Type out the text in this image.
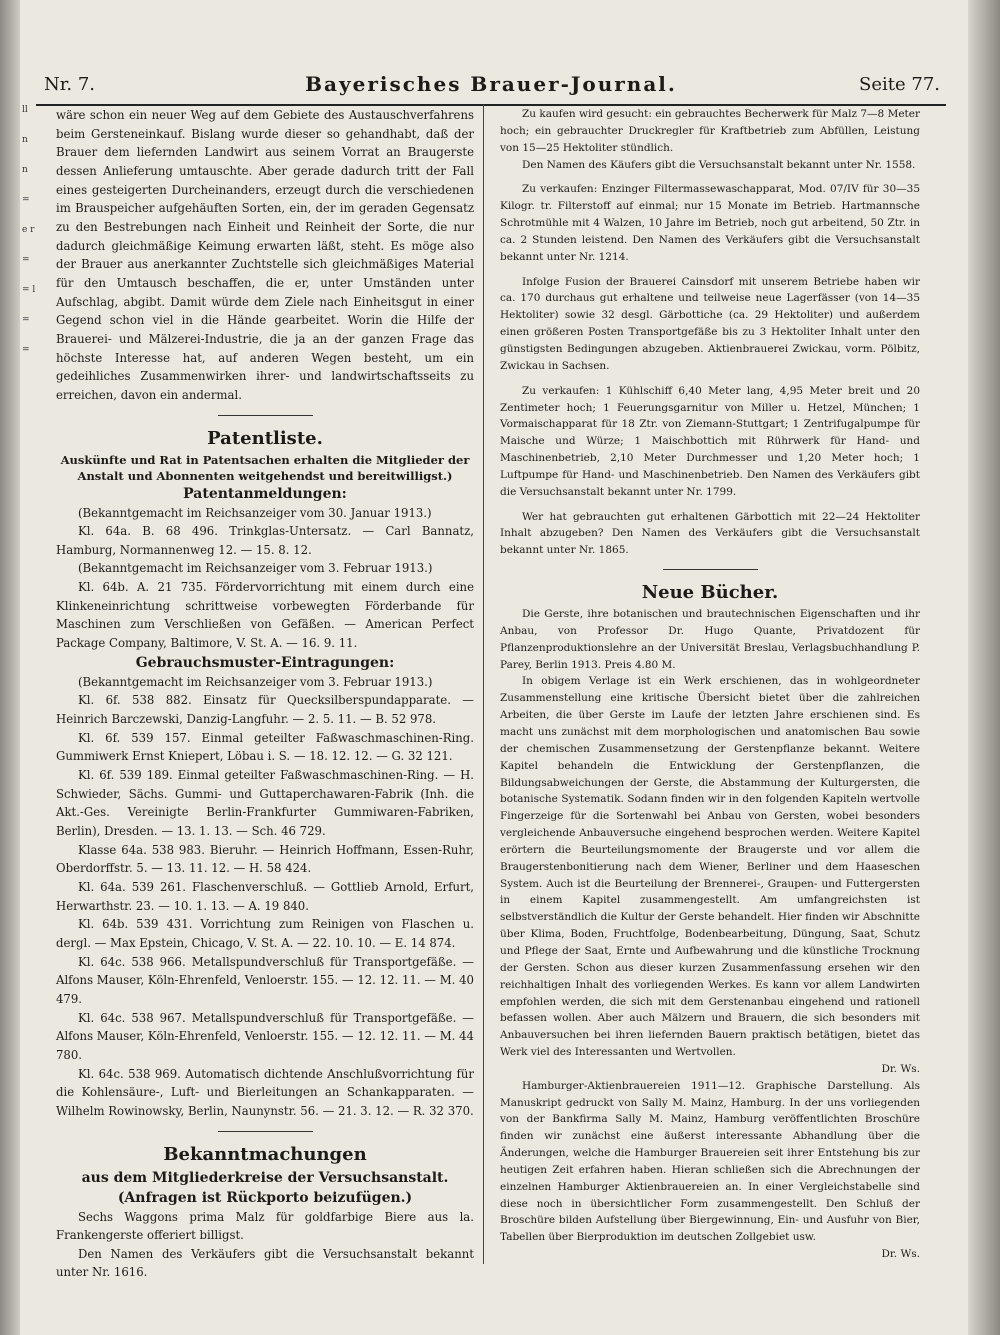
ll n n = e r = = l = =
Nr. 7.	Bayerisches Brauer-Journal.	Seite 77.

wäre schon ein neuer Weg auf dem Gebiete des Austauschverfahrens beim Gersteneinkauf. Bislang wurde dieser so gehandhabt, daß der Brauer dem liefernden Landwirt aus seinem Vorrat an Braugerste dessen Anlieferung umtauschte. Aber gerade dadurch tritt der Fall eines gesteigerten Durcheinanders, erzeugt durch die verschiedenen im Brauspeicher aufgehäuften Sorten, ein, der im geraden Gegensatz zu den Bestrebungen nach Einheit und Reinheit der Sorte, die nur dadurch gleichmäßige Keimung erwarten läßt, steht. Es möge also der Brauer aus anerkannter Zuchtstelle sich gleichmäßiges Material für den Umtausch beschaffen, die er, unter Umständen unter Aufschlag, abgibt. Damit würde dem Ziele nach Einheitsgut in einer Gegend schon viel in die Hände gearbeitet. Worin die Hilfe der Brauerei- und Mälzerei-Industrie, die ja an der ganzen Frage das höchste Interesse hat, auf anderen Wegen besteht, um ein gedeihliches Zusammenwirken ihrer- und landwirtschaftsseits zu erreichen, davon ein andermal.

Patentliste.

Auskünfte und Rat in Patentsachen erhalten die Mitglieder der Anstalt und Abonnenten weitgehendst und bereitwilligst.)

Patentanmeldungen:

(Bekanntgemacht im Reichsanzeiger vom 30. Januar 1913.)

Kl. 64a. B. 68 496. Trinkglas-Untersatz. — Carl Bannatz, Hamburg, Normannenweg 12. — 15. 8. 12.

(Bekanntgemacht im Reichsanzeiger vom 3. Februar 1913.)

Kl. 64b. A. 21 735. Fördervorrichtung mit einem durch eine Klinkeneinrichtung schrittweise vorbewegten Förderbande für Maschinen zum Verschließen von Gefäßen. — American Perfect Package Company, Baltimore, V. St. A. — 16. 9. 11.

Gebrauchsmuster-Eintragungen:

(Bekanntgemacht im Reichsanzeiger vom 3. Februar 1913.)

Kl. 6f. 538 882. Einsatz für Quecksilberspundapparate. — Heinrich Barczewski, Danzig-Langfuhr. — 2. 5. 11. — B. 52 978.

Kl. 6f. 539 157. Einmal geteilter Faßwaschmaschinen-Ring. Gummiwerk Ernst Kniepert, Löbau i. S. — 18. 12. 12. — G. 32 121.

Kl. 6f. 539 189. Einmal geteilter Faßwaschmaschinen-Ring. — H. Schwieder, Sächs. Gummi- und Guttaperchawaren-Fabrik (Inh. die Akt.-Ges. Vereinigte Berlin-Frankfurter Gummiwaren-Fabriken, Berlin), Dresden. — 13. 1. 13. — Sch. 46 729.

Klasse 64a. 538 983. Bieruhr. — Heinrich Hoffmann, Essen-Ruhr, Oberdorffstr. 5. — 13. 11. 12. — H. 58 424.

Kl. 64a. 539 261. Flaschenverschluß. — Gottlieb Arnold, Erfurt, Herwarthstr. 23. — 10. 1. 13. — A. 19 840.

Kl. 64b. 539 431. Vorrichtung zum Reinigen von Flaschen u. dergl. — Max Epstein, Chicago, V. St. A. — 22. 10. 10. — E. 14 874.

Kl. 64c. 538 966. Metallspundverschluß für Transportgefäße. — Alfons Mauser, Köln-Ehrenfeld, Venloerstr. 155. — 12. 12. 11. — M. 40 479.

Kl. 64c. 538 967. Metallspundverschluß für Transportgefäße. — Alfons Mauser, Köln-Ehrenfeld, Venloerstr. 155. — 12. 12. 11. — M. 44 780.

Kl. 64c. 538 969. Automatisch dichtende Anschlußvorrichtung für die Kohlensäure-, Luft- und Bierleitungen an Schankapparaten. — Wilhelm Rowinowsky, Berlin, Naunynstr. 56. — 21. 3. 12. — R. 32 370.

Bekanntmachungen

aus dem Mitgliederkreise der Versuchsanstalt.

(Anfragen ist Rückporto beizufügen.)

Sechs Waggons prima Malz für goldfarbige Biere aus la. Frankengerste offeriert billigst.

Den Namen des Verkäufers gibt die Versuchsanstalt bekannt unter Nr. 1616.

Zu kaufen wird gesucht: ein gebrauchtes Becherwerk für Malz 7—8 Meter hoch; ein gebrauchter Druckregler für Kraftbetrieb zum Abfüllen, Leistung von 15—25 Hektoliter stündlich.

Den Namen des Käufers gibt die Versuchsanstalt bekannt unter Nr. 1558.

Zu verkaufen: Enzinger Filtermassewaschapparat, Mod. 07/IV für 30—35 Kilogr. tr. Filterstoff auf einmal; nur 15 Monate im Betrieb. Hartmannsche Schrotmühle mit 4 Walzen, 10 Jahre im Betrieb, noch gut arbeitend, 50 Ztr. in ca. 2 Stunden leistend. Den Namen des Verkäufers gibt die Versuchsanstalt bekannt unter Nr. 1214.

Infolge Fusion der Brauerei Cainsdorf mit unserem Betriebe haben wir ca. 170 durchaus gut erhaltene und teilweise neue Lagerfässer (von 14—35 Hektoliter) sowie 32 desgl. Gärbottiche (ca. 29 Hektoliter) und außerdem einen größeren Posten Transportgefäße bis zu 3 Hektoliter Inhalt unter den günstigsten Bedingungen abzugeben. Aktienbrauerei Zwickau, vorm. Pölbitz, Zwickau in Sachsen.

Zu verkaufen: 1 Kühlschiff 6,40 Meter lang, 4,95 Meter breit und 20 Zentimeter hoch; 1 Feuerungsgarnitur von Miller u. Hetzel, München; 1 Vormaischapparat für 18 Ztr. von Ziemann-Stuttgart; 1 Zentrifugalpumpe für Maische und Würze; 1 Maischbottich mit Rührwerk für Hand- und Maschinenbetrieb, 2,10 Meter Durchmesser und 1,20 Meter hoch; 1 Luftpumpe für Hand- und Maschinenbetrieb. Den Namen des Verkäufers gibt die Versuchsanstalt bekannt unter Nr. 1799.

Wer hat gebrauchten gut erhaltenen Gärbottich mit 22—24 Hektoliter Inhalt abzugeben? Den Namen des Verkäufers gibt die Versuchsanstalt bekannt unter Nr. 1865.

Neue Bücher.

Die Gerste, ihre botanischen und brautechnischen Eigenschaften und ihr Anbau, von Professor Dr. Hugo Quante, Privatdozent für Pflanzenproduktionslehre an der Universität Breslau, Verlagsbuchhandlung P. Parey, Berlin 1913. Preis 4.80 M.

In obigem Verlage ist ein Werk erschienen, das in wohlgeordneter Zusammenstellung eine kritische Übersicht bietet über die zahlreichen Arbeiten, die über Gerste im Laufe der letzten Jahre erschienen sind. Es macht uns zunächst mit dem morphologischen und anatomischen Bau sowie der chemischen Zusammensetzung der Gerstenpflanze bekannt. Weitere Kapitel behandeln die Entwicklung der Gerstenpflanzen, die Bildungsabweichungen der Gerste, die Abstammung der Kulturgersten, die botanische Systematik. Sodann finden wir in den folgenden Kapiteln wertvolle Fingerzeige für die Sortenwahl bei Anbau von Gersten, wobei besonders vergleichende Anbauversuche eingehend besprochen werden. Weitere Kapitel erörtern die Beurteilungsmomente der Braugerste und vor allem die Braugerstenbonitierung nach dem Wiener, Berliner und dem Haaseschen System. Auch ist die Beurteilung der Brennerei-, Graupen- und Futtergersten in einem Kapitel zusammengestellt. Am umfangreichsten ist selbstverständlich die Kultur der Gerste behandelt. Hier finden wir Abschnitte über Klima, Boden, Fruchtfolge, Bodenbearbeitung, Düngung, Saat, Schutz und Pflege der Saat, Ernte und Aufbewahrung und die künstliche Trocknung der Gersten. Schon aus dieser kurzen Zusammenfassung ersehen wir den reichhaltigen Inhalt des vorliegenden Werkes. Es kann vor allem Landwirten empfohlen werden, die sich mit dem Gerstenanbau eingehend und rationell befassen wollen. Aber auch Mälzern und Brauern, die sich besonders mit Anbauversuchen bei ihren liefernden Bauern praktisch betätigen, bietet das Werk viel des Interessanten und Wertvollen.

Dr. Ws.

Hamburger-Aktienbrauereien 1911—12. Graphische Darstellung. Als Manuskript gedruckt von Sally M. Mainz, Hamburg. In der uns vorliegenden von der Bankfirma Sally M. Mainz, Hamburg veröffentlichten Broschüre finden wir zunächst eine äußerst interessante Abhandlung über die Änderungen, welche die Hamburger Brauereien seit ihrer Entstehung bis zur heutigen Zeit erfahren haben. Hieran schließen sich die Abrechnungen der einzelnen Hamburger Aktienbrauereien an. In einer Vergleichstabelle sind diese noch in übersichtlicher Form zusammengestellt. Den Schluß der Broschüre bilden Aufstellung über Biergewinnung, Ein- und Ausfuhr von Bier, Tabellen über Bierproduktion im deutschen Zollgebiet usw.

Dr. Ws.
